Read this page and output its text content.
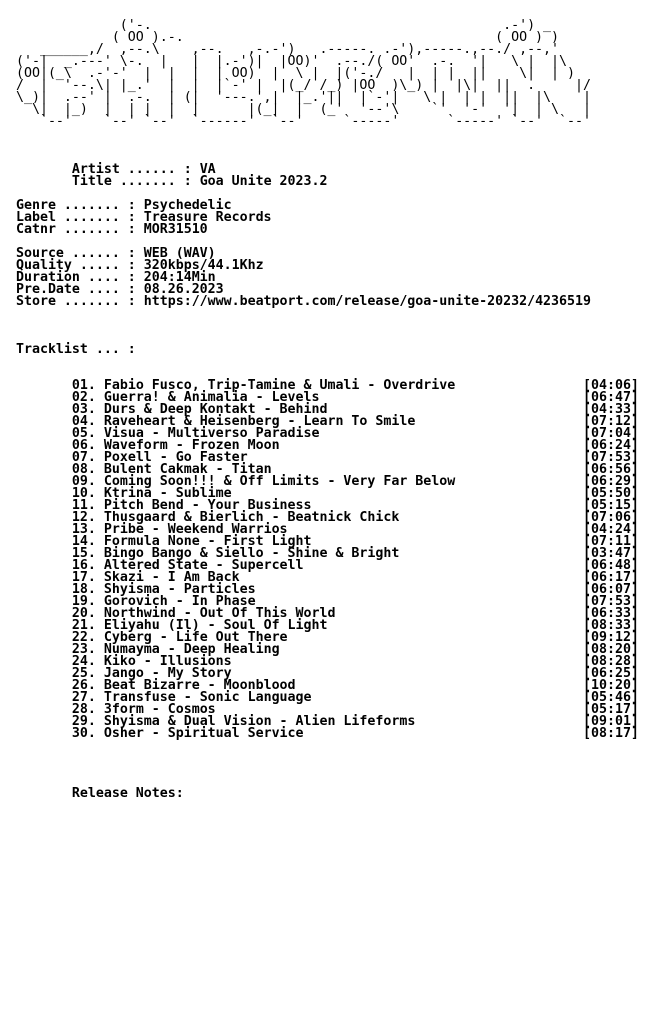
('-.                                            .-') _
( OO ).-.                                       ( OO ) )
______,/  ,--.\    ,--.   ,-.-')   .-----. .-'),-----.,--./ ,--,'
('-|  _.---' \-.  |   |  |.-')|  |OO)'  .--./( OO'  .-.  '|   \ |  |\
(OO|(_\  .-'-'  |  |  |  | OO)  |  \ |  |('-./   |  | |  ||    \|  | )
/  |  '--.\| |_.'  |  |  |`-' |  |(_/ /_) |OO  )\_) |  |\|  ||  .     |/
\_)|  .--' |  .-.  | (|  '---.',|  |_.'||  |`-'|   \ |  | |  ||  |\    |
\|  |_)  |  | |  |  |      |(_|  |  (_'  '--'\    `'  '-'  '|  | \   |
`--'    `--' `--'  `------'  `--'     `-----'      `-----' `--'  `--'

Artist ...... : VA
Title ....... : Goa Unite 2023.2

Genre ....... : Psychedelic
Label ....... : Treasure Records
Catnr ....... : MOR31510

Source ...... : WEB (WAV)
Quality ..... : 320kbps/44.1Khz
Duration .... : 204:14Min
Pre.Date .... : 08.26.2023
Store ....... : https://www.beatport.com/release/goa-unite-20232/4236519

Tracklist ... :

01. Fabio Fusco, Trip-Tamine & Umali - Overdrive	[04:06]
02. Guerra! & Animalia - Levels	[06:47]
03. Durs & Deep Kontakt - Behind	[04:33]
04. Raveheart & Heisenberg - Learn To Smile	[07:12]
05. Visua - Multiverso Paradise	[07:04]
06. Waveform - Frozen Moon	[06:24]
07. Poxell - Go Faster	[07:53]
08. Bulent Cakmak - Titan	[06:56]
09. Coming Soon!!! & Off Limits - Very Far Below	[06:29]
10. Ktrina - Sublime	[05:50]
11. Pitch Bend - Your Business	[05:15]
12. Thusgaard & Bierlich - Beatnick Chick	[07:06]
13. Pribe - Weekend Warrios	[04:24]
14. Formula None - First Light	[07:11]
15. Bingo Bango & Siello - Shine & Bright	[03:47]
16. Altered State - Supercell	[06:48]
17. Skazi - I Am Back	[06:17]
18. Shyisma - Particles	[06:07]
19. Gorovich - In Phase	[07:53]
20. Northwind - Out Of This World	[06:33]
21. Eliyahu (Il) - Soul Of Light	[08:33]
22. Cyberg - Life Out There	[09:12]
23. Numayma - Deep Healing	[08:20]
24. Kiko - Illusions	[08:28]
25. Jango - My Story	[06:25]
26. Beat Bizarre - Moonblood	[10:20]
27. Transfuse - Sonic Language	[05:46]
28. 3form - Cosmos	[05:17]
29. Shyisma & Dual Vision - Alien Lifeforms	[09:01]
30. Osher - Spiritual Service	[08:17]

Release Notes:
